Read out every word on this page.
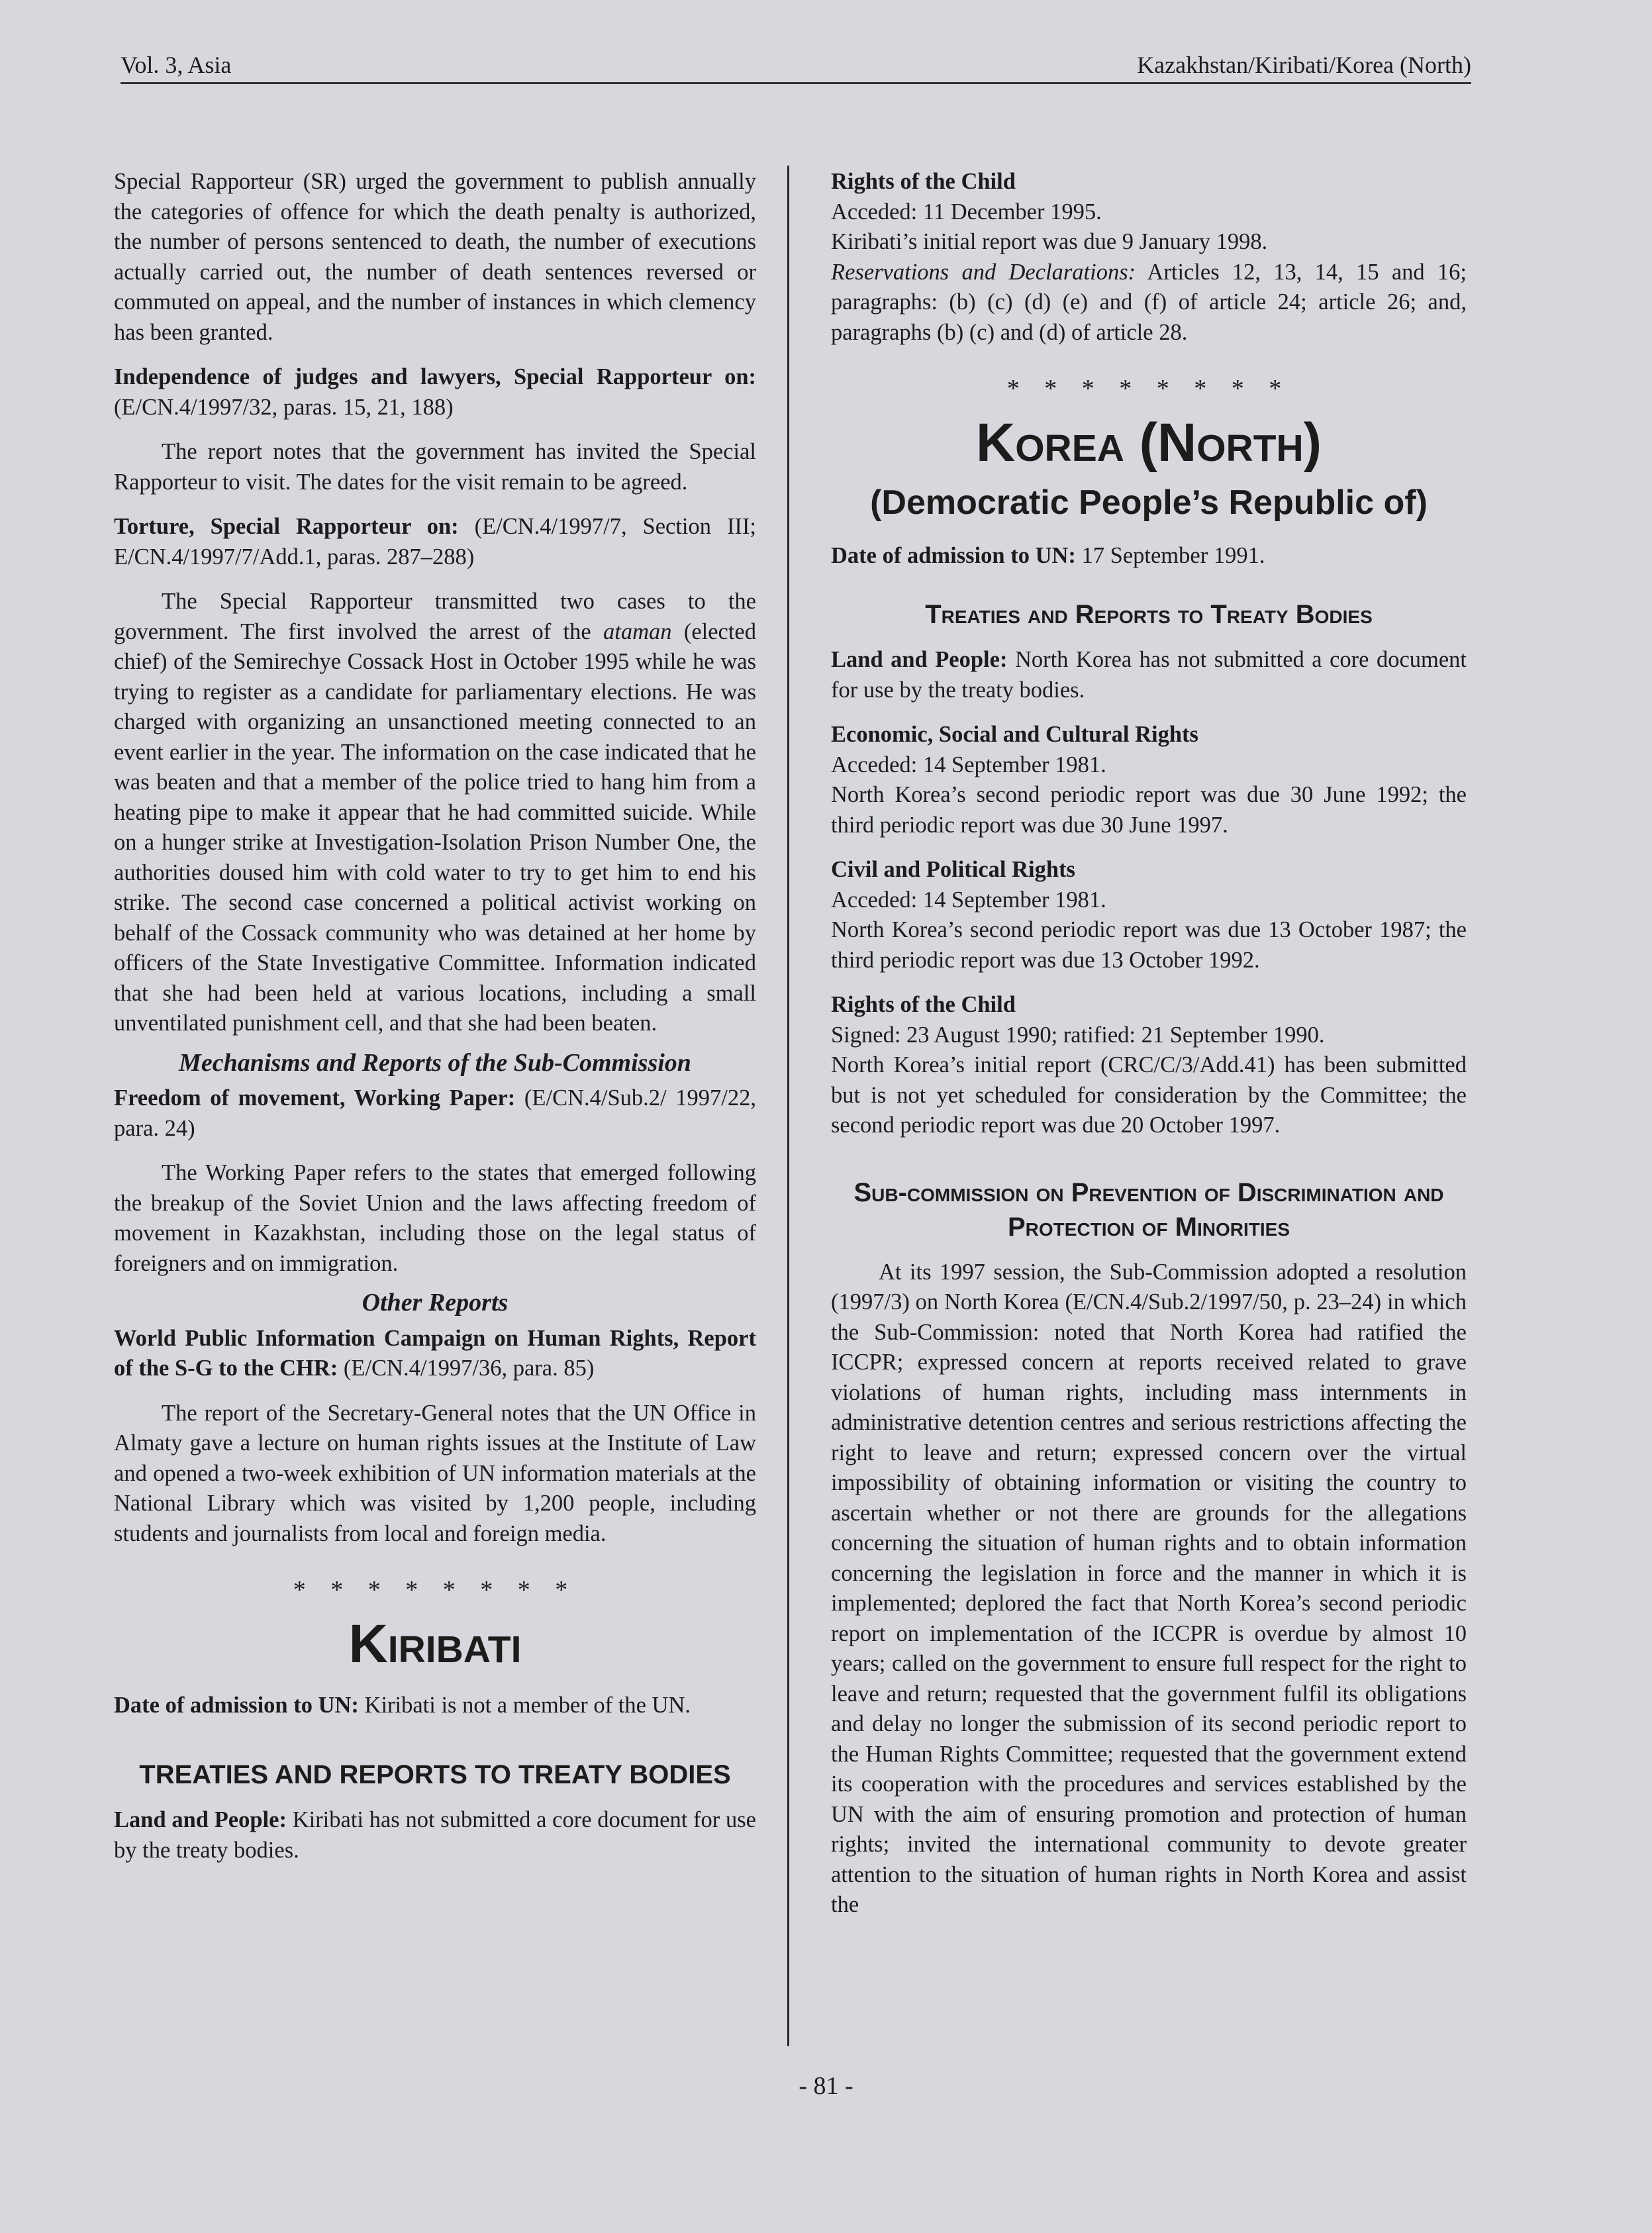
Vol. 3, Asia	Kazakhstan/Kiribati/Korea (North)

Special Rapporteur (SR) urged the government to publish annually the categories of offence for which the death penalty is authorized, the number of persons sentenced to death, the number of executions actually carried out, the number of death sentences reversed or commuted on appeal, and the number of instances in which clemency has been granted.

Independence of judges and lawyers, Special Rapporteur on: (E/CN.4/1997/32, paras. 15, 21, 188)

The report notes that the government has invited the Special Rapporteur to visit. The dates for the visit remain to be agreed.

Torture, Special Rapporteur on: (E/CN.4/1997/7, Section III; E/CN.4/1997/7/Add.1, paras. 287–288)

The Special Rapporteur transmitted two cases to the government. The first involved the arrest of the ataman (elected chief) of the Semirechye Cossack Host in October 1995 while he was trying to register as a candidate for parliamentary elections. He was charged with organizing an unsanctioned meeting connected to an event earlier in the year. The information on the case indicated that he was beaten and that a member of the police tried to hang him from a heating pipe to make it appear that he had committed suicide. While on a hunger strike at Investigation-Isolation Prison Number One, the authorities doused him with cold water to try to get him to end his strike. The second case concerned a political activist working on behalf of the Cossack community who was detained at her home by officers of the State Investigative Committee. Information indicated that she had been held at various locations, including a small unventilated punishment cell, and that she had been beaten.

Mechanisms and Reports of the Sub-Commission

Freedom of movement, Working Paper: (E/CN.4/Sub.2/ 1997/22, para. 24)

The Working Paper refers to the states that emerged following the breakup of the Soviet Union and the laws affecting freedom of movement in Kazakhstan, including those on the legal status of foreigners and on immigration.

Other Reports

World Public Information Campaign on Human Rights, Report of the S-G to the CHR: (E/CN.4/1997/36, para. 85)

The report of the Secretary-General notes that the UN Office in Almaty gave a lecture on human rights issues at the Institute of Law and opened a two-week exhibition of UN information materials at the National Library which was visited by 1,200 people, including students and journalists from local and foreign media.

* * * * * * * *
Kiribati

Date of admission to UN: Kiribati is not a member of the UN.

TREATIES AND REPORTS TO TREATY BODIES

Land and People: Kiribati has not submitted a core document for use by the treaty bodies.

Rights of the Child

Acceded: 11 December 1995.

Kiribati’s initial report was due 9 January 1998.

Reservations and Declarations: Articles 12, 13, 14, 15 and 16; paragraphs: (b) (c) (d) (e) and (f) of article 24; article 26; and, paragraphs (b) (c) and (d) of article 28.

* * * * * * * *
Korea (North)
(Democratic People’s Republic of)

Date of admission to UN: 17 September 1991.

Treaties and Reports to Treaty Bodies

Land and People: North Korea has not submitted a core document for use by the treaty bodies.

Economic, Social and Cultural Rights

Acceded: 14 September 1981.

North Korea’s second periodic report was due 30 June 1992; the third periodic report was due 30 June 1997.

Civil and Political Rights

Acceded: 14 September 1981.

North Korea’s second periodic report was due 13 October 1987; the third periodic report was due 13 October 1992.

Rights of the Child

Signed: 23 August 1990; ratified: 21 September 1990.

North Korea’s initial report (CRC/C/3/Add.41) has been submitted but is not yet scheduled for consideration by the Committee; the second periodic report was due 20 October 1997.

Sub-commission on Prevention of Discrimination and Protection of Minorities

At its 1997 session, the Sub-Commission adopted a resolution (1997/3) on North Korea (E/CN.4/Sub.2/1997/50, p. 23–24) in which the Sub-Commission: noted that North Korea had ratified the ICCPR; expressed concern at reports received related to grave violations of human rights, including mass internments in administrative detention centres and serious restrictions affecting the right to leave and return; expressed concern over the virtual impossibility of obtaining information or visiting the country to ascertain whether or not there are grounds for the allegations concerning the situation of human rights and to obtain information concerning the legislation in force and the manner in which it is implemented; deplored the fact that North Korea’s second periodic report on implementation of the ICCPR is overdue by almost 10 years; called on the government to ensure full respect for the right to leave and return; requested that the government fulfil its obligations and delay no longer the submission of its second periodic report to the Human Rights Committee; requested that the government extend its cooperation with the procedures and services established by the UN with the aim of ensuring promotion and protection of human rights; invited the international community to devote greater attention to the situation of human rights in North Korea and assist the

- 81 -
